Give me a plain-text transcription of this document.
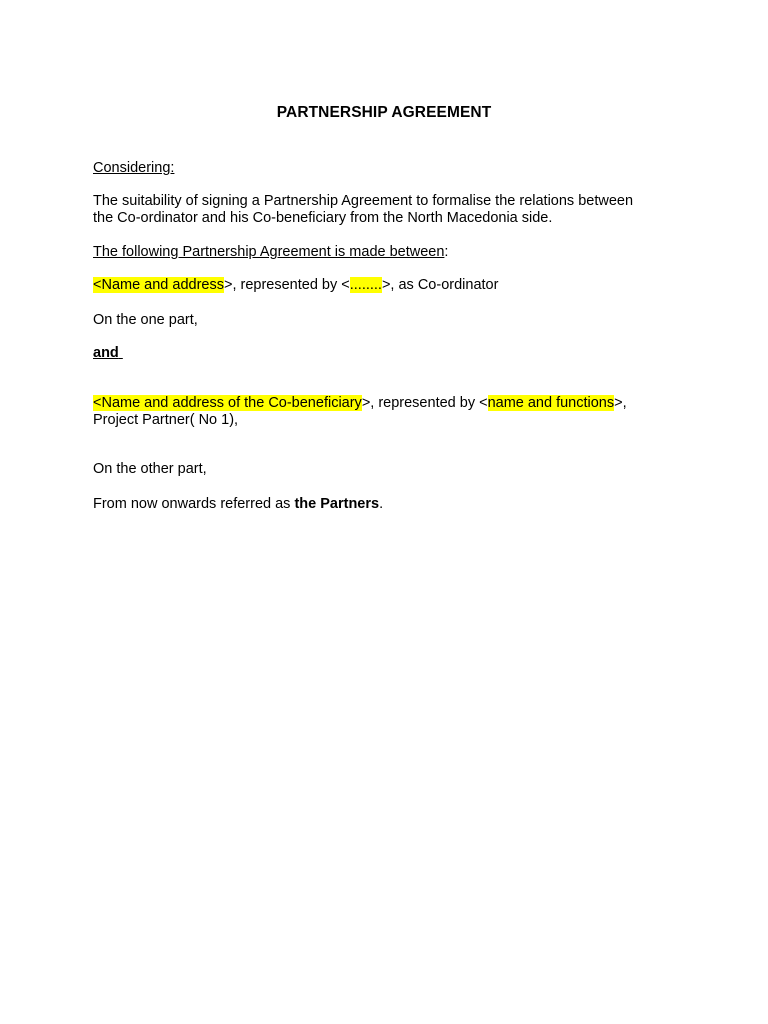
PARTNERSHIP AGREEMENT
Considering:
The suitability of signing a Partnership Agreement to formalise the relations between
the Co-ordinator and his Co-beneficiary from the North Macedonia side.
The following Partnership Agreement is made between:
<Name and address>, represented by <........>, as Co-ordinator
On the one part,
and
<Name and address of the Co-beneficiary>, represented by <name and functions>,
Project Partner( No 1),
On the other part,
From now onwards referred as the Partners.
